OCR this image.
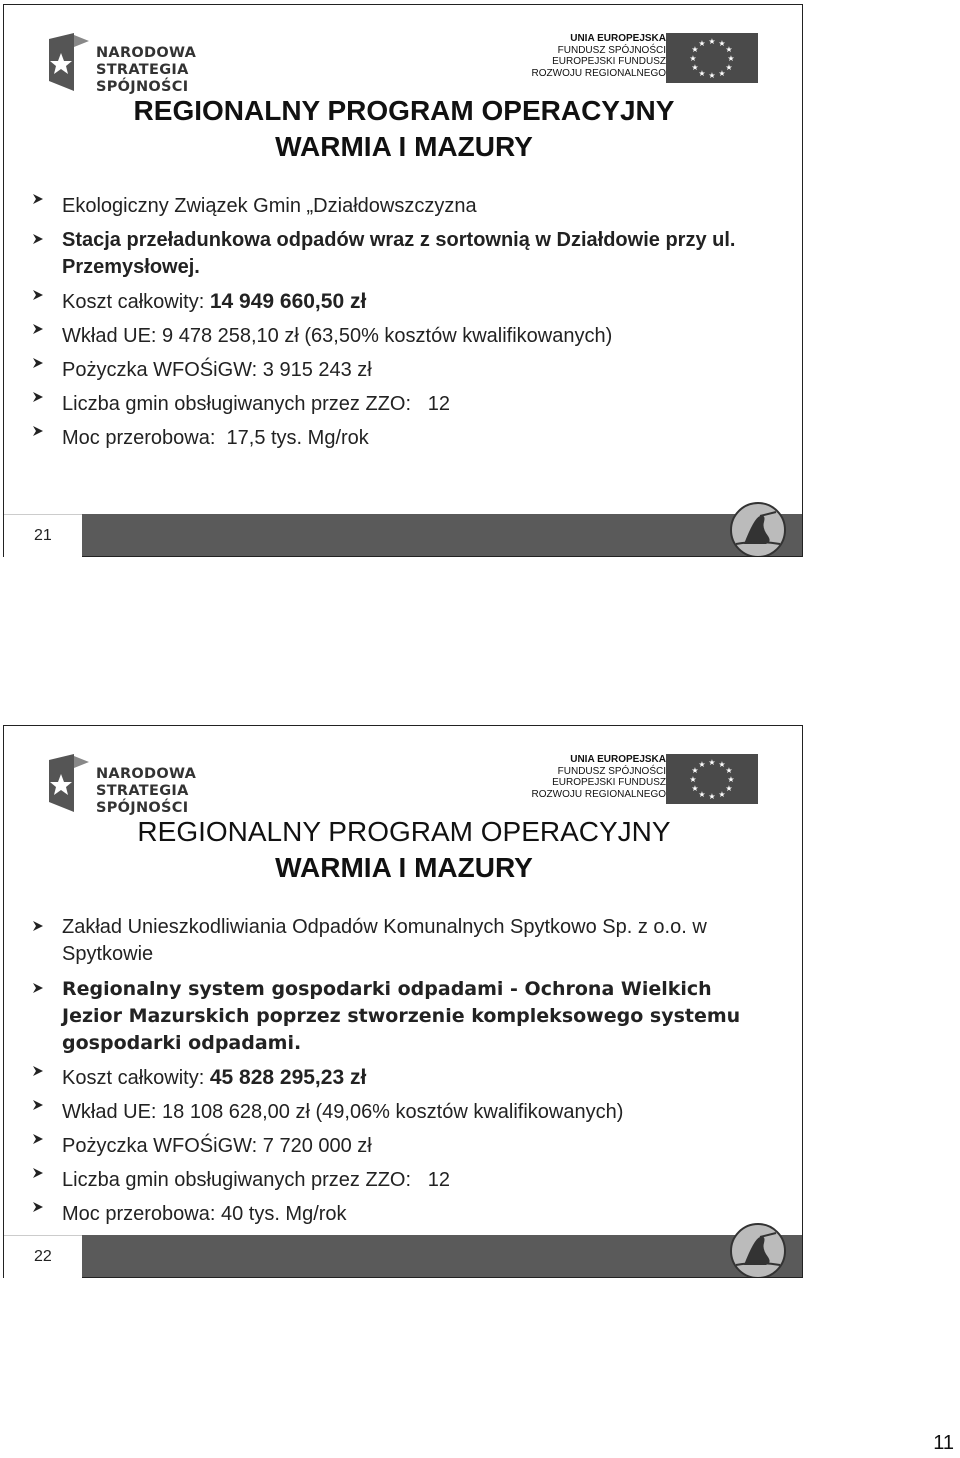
NARODOWA
STRATEGIA SPÓJNOŚCI
UNIA EUROPEJSKA
FUNDUSZ SPÓJNOŚCI
EUROPEJSKI FUNDUSZ
ROZWOJU REGIONALNEGO
★ ★
★
★
★
★
★
★
★
★
★
★
REGIONALNY PROGRAM OPERACYJNY
WARMIA I MAZURY
Ekologiczny Związek Gmin „Działdowszczyzna
Stacja przeładunkowa odpadów wraz z sortownią w Działdowie przy ul. Przemysłowej.
Koszt całkowity: 14 949 660,50 zł
Wkład UE: 9 478 258,10 zł (63,50% kosztów kwalifikowanych)
Pożyczka WFOŚiGW: 3 915 243 zł
Liczba gmin obsługiwanych przez ZZO:   12
Moc przerobowa:  17,5 tys. Mg/rok
21
NARODOWA
STRATEGIA SPÓJNOŚCI
UNIA EUROPEJSKA
FUNDUSZ SPÓJNOŚCI
EUROPEJSKI FUNDUSZ
ROZWOJU REGIONALNEGO
★ ★
★
★
★
★
★
★
★
★
★
★
REGIONALNY PROGRAM OPERACYJNY
WARMIA I MAZURY
Zakład Unieszkodliwiania Odpadów Komunalnych Spytkowo Sp. z o.o. w Spytkowie
Regionalny system gospodarki odpadami - Ochrona Wielkich Jezior Mazurskich poprzez stworzenie kompleksowego systemu gospodarki odpadami.
Koszt całkowity: 45 828 295,23 zł
Wkład UE: 18 108 628,00 zł (49,06% kosztów kwalifikowanych)
Pożyczka WFOŚiGW: 7 720 000 zł
Liczba gmin obsługiwanych przez ZZO:   12
Moc przerobowa: 40 tys. Mg/rok
22
11
